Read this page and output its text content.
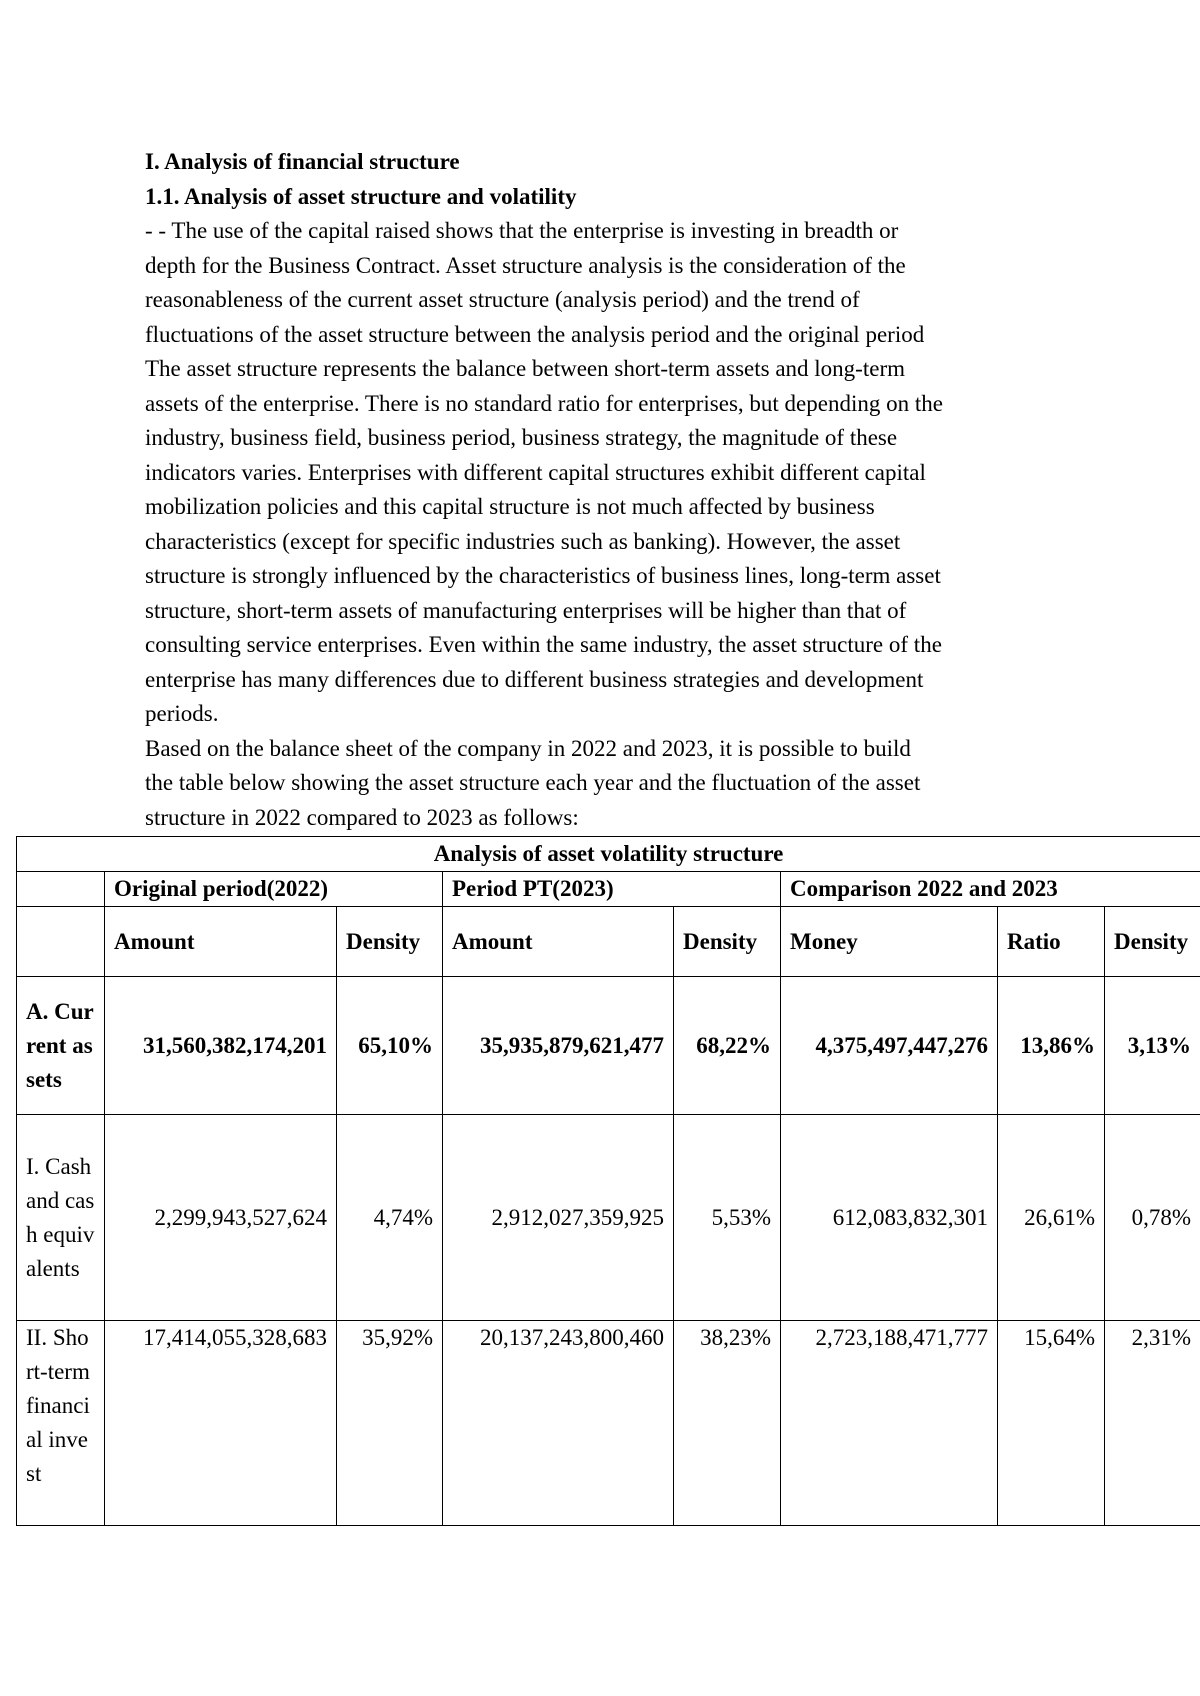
I. Analysis of financial structure
1.1. Analysis of asset structure and volatility
- - The use of the capital raised shows that the enterprise is investing in breadth or
depth for the Business Contract. Asset structure analysis is the consideration of the
reasonableness of the current asset structure (analysis period) and the trend of
fluctuations of the asset structure between the analysis period and the original period
The asset structure represents the balance between short-term assets and long-term
assets of the enterprise. There is no standard ratio for enterprises, but depending on the
industry, business field, business period, business strategy, the magnitude of these
indicators varies. Enterprises with different capital structures exhibit different capital
mobilization policies and this capital structure is not much affected by business
characteristics (except for specific industries such as banking). However, the asset
structure is strongly influenced by the characteristics of business lines, long-term asset
structure, short-term assets of manufacturing enterprises will be higher than that of
consulting service enterprises. Even within the same industry, the asset structure of the
enterprise has many differences due to different business strategies and development
periods.
Based on the balance sheet of the company in 2022 and 2023, it is possible to build
the table below showing the asset structure each year and the fluctuation of the asset
structure in 2022 compared to 2023 as follows:
Analysis of asset volatility structure							
	Original period(2022)		Period PT(2023)		Comparison 2022 and 2023		
	Amount	Density	Amount	Density	Money	Ratio	Density
A. Current assets	31,560,382,174,201	65,10%	35,935,879,621,477	68,22%	4,375,497,447,276	13,86%	3,13%
I. Cash and cash equivalents	2,299,943,527,624	4,74%	2,912,027,359,925	5,53%	612,083,832,301	26,61%	0,78%
II. Short-term financial invest	17,414,055,328,683	35,92%	20,137,243,800,460	38,23%	2,723,188,471,777	15,64%	2,31%
